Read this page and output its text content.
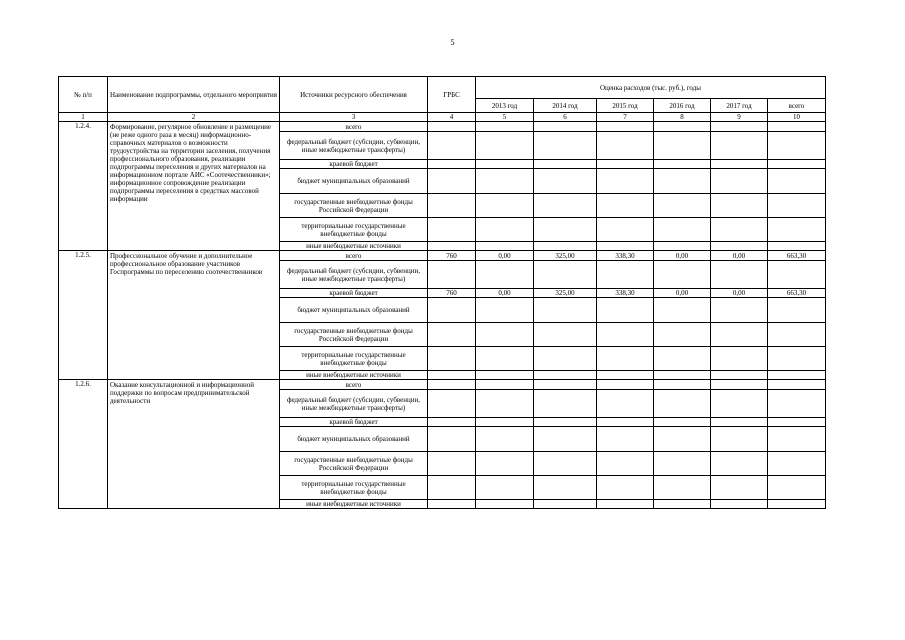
5
№ п/п	Наименование подпрограммы, отдельного мероприятия	Источники ресурсного обеспечения	ГРБС	Оценка расходов (тыс. руб.), годы					
				2013 год	2014 год	2015 год	2016 год	2017 год	всего
1	2	3	4	5	6	7	8	9	10
1.2.4.	Формирование, регулярное обновление и размещение (не реже одного раза в месяц) информационно-справочных материалов о возможности трудоустройства на территории заселения, получения профессионального образования, реализации подпрограммы переселения и других материалов на информационном портале АИС «Соотечественники»; информационное сопровождение реализации подпрограммы переселения в средствах массовой информации	всего							
		федеральный бюджет (субсидии, субвенции, иные межбюджетные трансферты)							
		краевой бюджет							
		бюджет муниципальных образований							
		государственные внебюджетные фонды Российской Федерации							
		территориальные государственные внебюджетные фонды							
		иные внебюджетные источники							
1.2.5.	Профессиональное обучение и дополнительное профессиональное образование участников Госпрограммы по переселению соотечественников	всего	760	0,00	325,00	338,30	0,00	0,00	663,30
		федеральный бюджет (субсидии, субвенции, иные межбюджетные трансферты)							
		краевой бюджет	760	0,00	325,00	338,30	0,00	0,00	663,30
		бюджет муниципальных образований							
		государственные внебюджетные фонды Российской Федерации							
		территориальные государственные внебюджетные фонды							
		иные внебюджетные источники							
1.2.6.	Оказание консультационной и информационной поддержки по вопросам предпринимательской деятельности	всего							
		федеральный бюджет (субсидии, субвенции, иные межбюджетные трансферты)							
		краевой бюджет							
		бюджет муниципальных образований							
		государственные внебюджетные фонды Российской Федерации							
		территориальные государственные внебюджетные фонды							
		иные внебюджетные источники							
